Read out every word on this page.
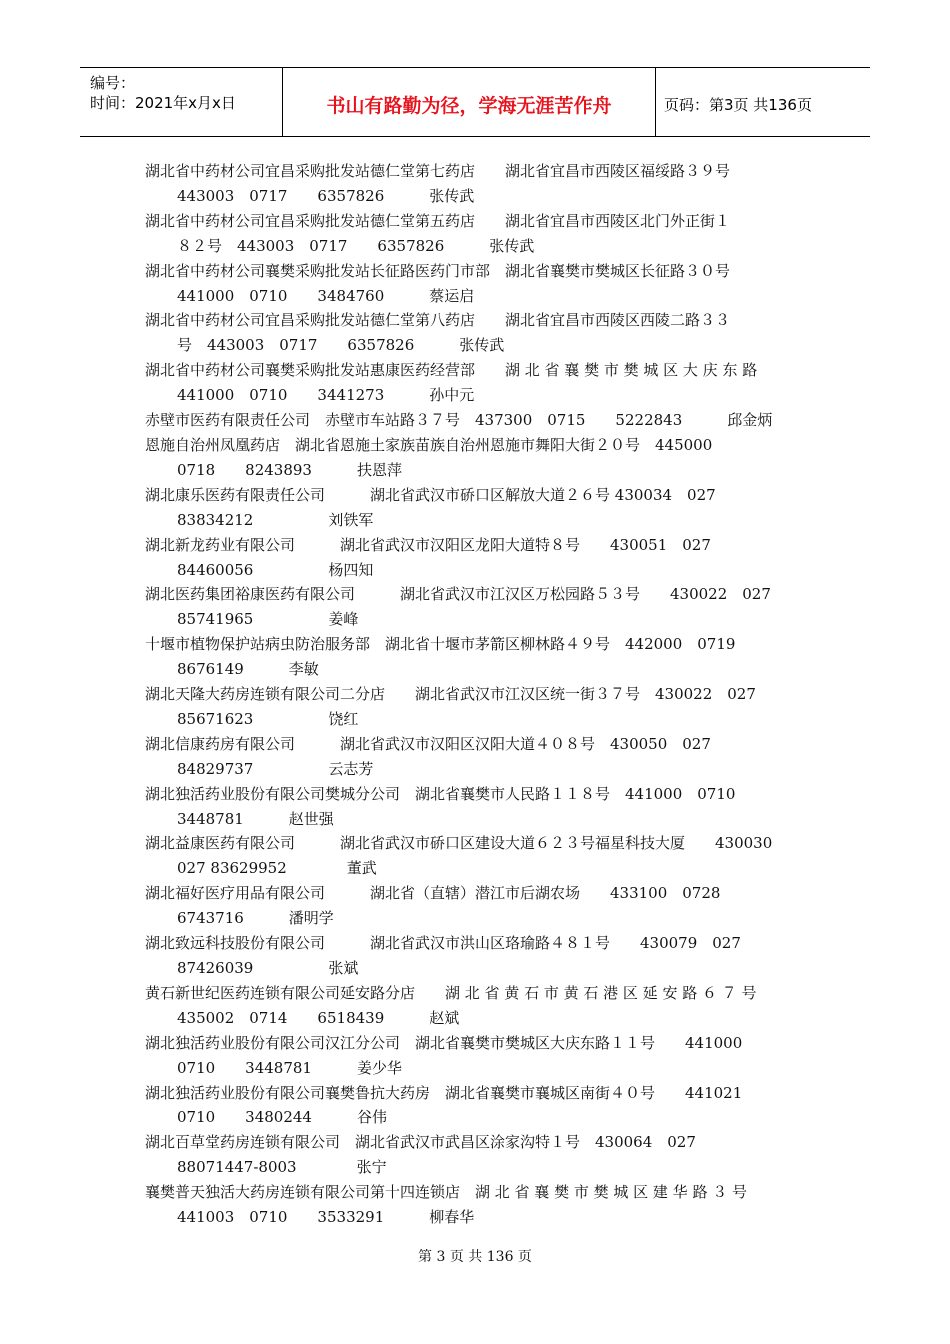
编号：
时间：2021年x月x日	书山有路勤为径，学海无涯苦作舟	页码：第3页 共136页
湖北省中药材公司宜昌采购批发站德仁堂第七药店　　湖北省宜昌市西陵区福绥路３９号
443003　0717　　6357826　　　张传武
湖北省中药材公司宜昌采购批发站德仁堂第五药店　　湖北省宜昌市西陵区北门外正街１
８２号　443003　0717　　6357826　　　张传武
湖北省中药材公司襄樊采购批发站长征路医药门市部　湖北省襄樊市樊城区长征路３０号
441000　0710　　3484760　　　蔡运启
湖北省中药材公司宜昌采购批发站德仁堂第八药店　　湖北省宜昌市西陵区西陵二路３３
号　443003　0717　　6357826　　　张传武
湖北省中药材公司襄樊采购批发站惠康医药经营部　　湖 北 省 襄 樊 市 樊 城 区 大 庆 东 路
441000　0710　　3441273　　　孙中元
赤壁市医药有限责任公司　赤壁市车站路３７号　437300　0715　　5222843　　　邱金炳
恩施自治州凤凰药店　湖北省恩施土家族苗族自治州恩施市舞阳大街２０号　445000
0718　　8243893　　　扶恩萍
湖北康乐医药有限责任公司　　　湖北省武汉市硚口区解放大道２６号 430034　027
83834212　　　　　刘铁军
湖北新龙药业有限公司　　　湖北省武汉市汉阳区龙阳大道特８号　　430051　027
84460056　　　　　杨四知
湖北医药集团裕康医药有限公司　　　湖北省武汉市江汉区万松园路５３号　　430022　027
85741965　　　　　姜峰
十堰市植物保护站病虫防治服务部　湖北省十堰市茅箭区柳林路４９号　442000　0719
8676149　　　李敏
湖北天隆大药房连锁有限公司二分店　　湖北省武汉市江汉区统一街３７号　430022　027
85671623　　　　　饶红
湖北信康药房有限公司　　　湖北省武汉市汉阳区汉阳大道４０８号　430050　027
84829737　　　　　云志芳
湖北独活药业股份有限公司樊城分公司　湖北省襄樊市人民路１１８号　441000　0710
3448781　　　赵世强
湖北益康医药有限公司　　　湖北省武汉市硚口区建设大道６２３号福星科技大厦　　430030
027 83629952　　　　董武
湖北福好医疗用品有限公司　　　湖北省（直辖）潜江市后湖农场　　433100　0728
6743716　　　潘明学
湖北致远科技股份有限公司　　　湖北省武汉市洪山区珞瑜路４８１号　　430079　027
87426039　　　　　张斌
黄石新世纪医药连锁有限公司延安路分店　　湖 北 省 黄 石 市 黄 石 港 区 延 安 路 ６ ７ 号
435002　0714　　6518439　　　赵斌
湖北独活药业股份有限公司汉江分公司　湖北省襄樊市樊城区大庆东路１１号　　441000
0710　　3448781　　　姜少华
湖北独活药业股份有限公司襄樊鲁抗大药房　湖北省襄樊市襄城区南街４０号　　441021
0710　　3480244　　　谷伟
湖北百草堂药房连锁有限公司　湖北省武汉市武昌区涂家沟特１号　430064　027
88071447-8003　　　　张宁
襄樊普天独活大药房连锁有限公司第十四连锁店　湖 北 省 襄 樊 市 樊 城 区 建 华 路 ３ 号
441003　0710　　3533291　　　柳春华
第 3 页 共 136 页
